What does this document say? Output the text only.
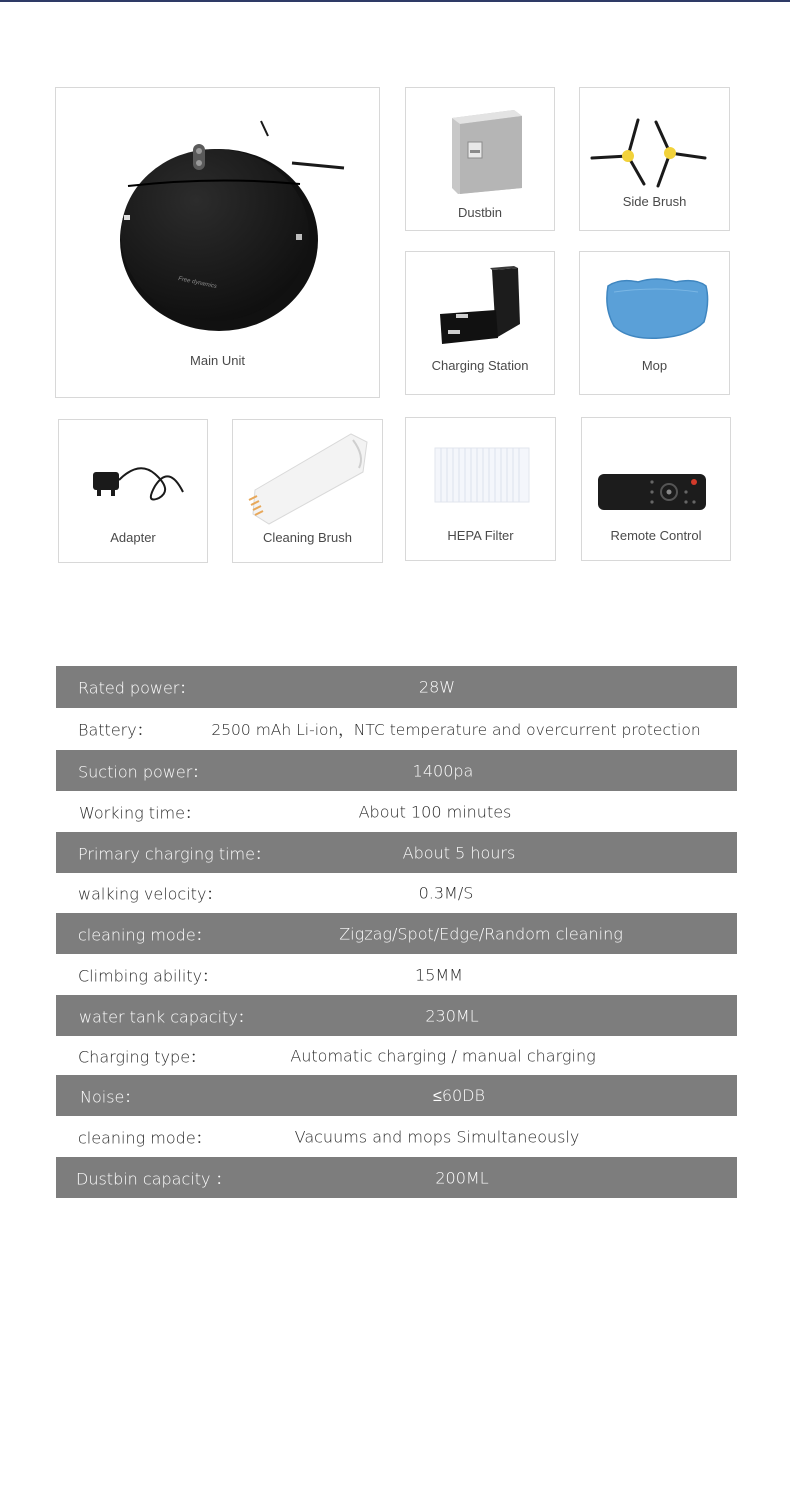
Free dynamics
Main Unit
Dustbin
Side Brush
Charging Station	Mop
Adapter	Cleaning Brush	HEPA Filter	Remote Control
Rated power：	28W
Battery：	2500 mAh Li-ion，NTC temperature and overcurrent protection
Suction power：	1400pa
Working time：	About 100 minutes
Primary charging time：	About 5 hours
walking velocity：	0.3M/S
cleaning mode：	Zigzag/Spot/Edge/Random cleaning
Climbing ability：	15MM
water tank capacity：	230ML
Charging type：	Automatic charging / manual charging
Noise：	≤60DB
cleaning mode：	Vacuums and mops Simultaneously
Dustbin capacity ：	200ML
